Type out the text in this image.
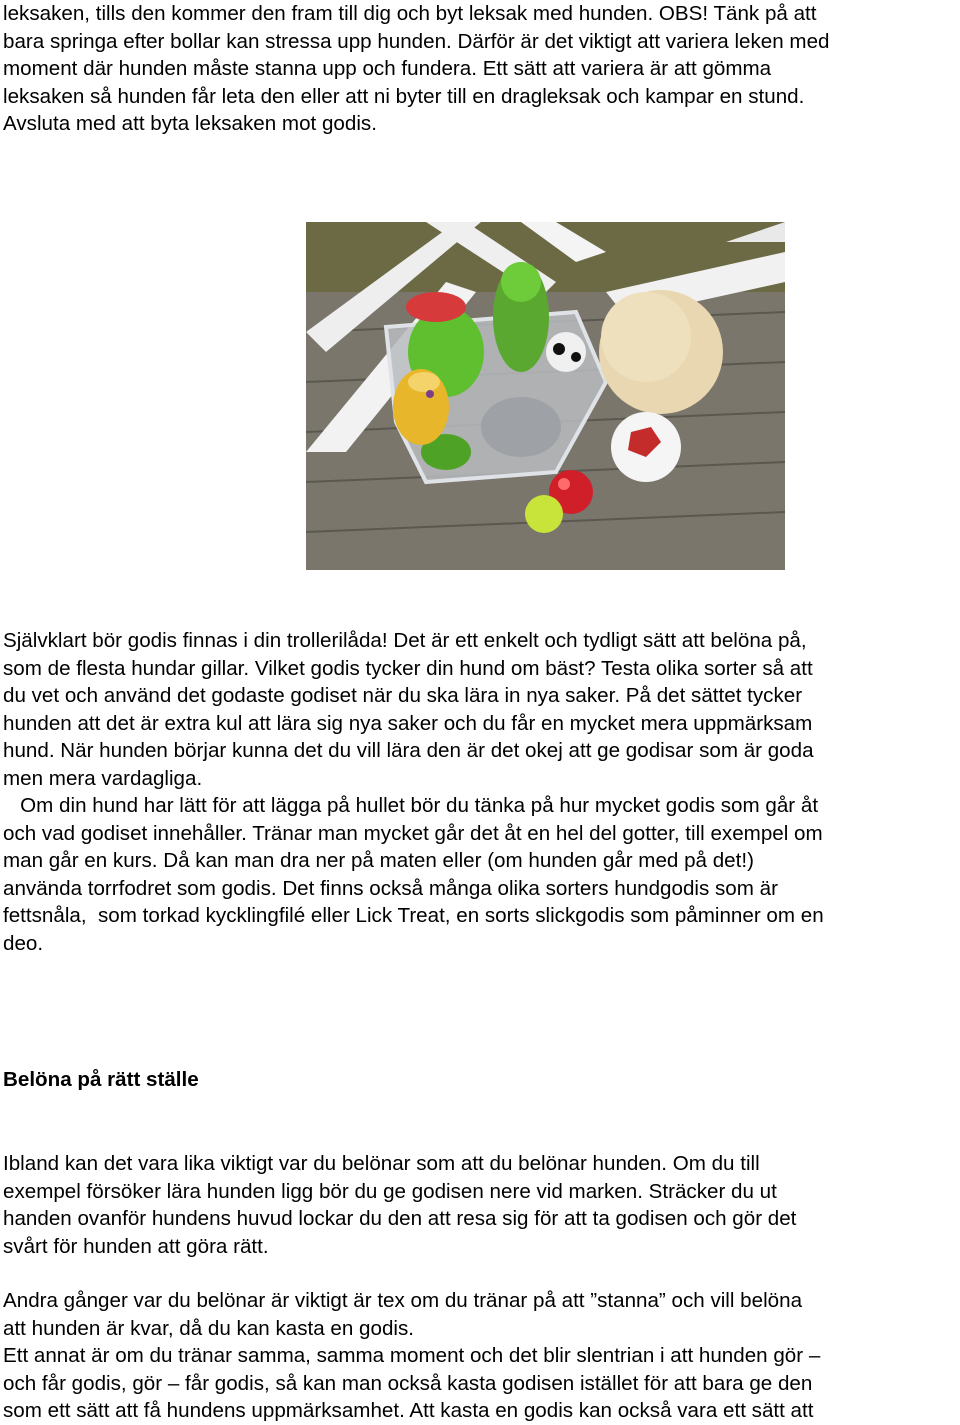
leksaken, tills den kommer den fram till dig och byt leksak med hunden. OBS! Tänk på att
bara springa efter bollar kan stressa upp hunden. Därför är det viktigt att variera leken med
moment där hunden måste stanna upp och fundera. Ett sätt att variera är att gömma
leksaken så hunden får leta den eller att ni byter till en dragleksak och kampar en stund.
Avsluta med att byta leksaken mot godis.
Självklart bör godis finnas i din trollerilåda! Det är ett enkelt och tydligt sätt att belöna på,
som de flesta hundar gillar. Vilket godis tycker din hund om bäst? Testa olika sorter så att
du vet och använd det godaste godiset när du ska lära in nya saker. På det sättet tycker
hunden att det är extra kul att lära sig nya saker och du får en mycket mera uppmärksam
hund. När hunden börjar kunna det du vill lära den är det okej att ge godisar som är goda
men mera vardagliga.
Om din hund har lätt för att lägga på hullet bör du tänka på hur mycket godis som går åt
och vad godiset innehåller. Tränar man mycket går det åt en hel del gotter, till exempel om
man går en kurs. Då kan man dra ner på maten eller (om hunden går med på det!)
använda torrfodret som godis. Det finns också många olika sorters hundgodis som är
fettsnåla,  som torkad kycklingfilé eller Lick Treat, en sorts slickgodis som påminner om en
deo.
Belöna på rätt ställe
Ibland kan det vara lika viktigt var du belönar som att du belönar hunden. Om du till
exempel försöker lära hunden ligg bör du ge godisen nere vid marken. Sträcker du ut
handen ovanför hundens huvud lockar du den att resa sig för att ta godisen och gör det
svårt för hunden att göra rätt.
Andra gånger var du belönar är viktigt är tex om du tränar på att ”stanna” och vill belöna
att hunden är kvar, då du kan kasta en godis.
Ett annat är om du tränar samma, samma moment och det blir slentrian i att hunden gör –
och får godis, gör – får godis, så kan man också kasta godisen istället för att bara ge den
som ett sätt att få hundens uppmärksamhet. Att kasta en godis kan också vara ett sätt att
